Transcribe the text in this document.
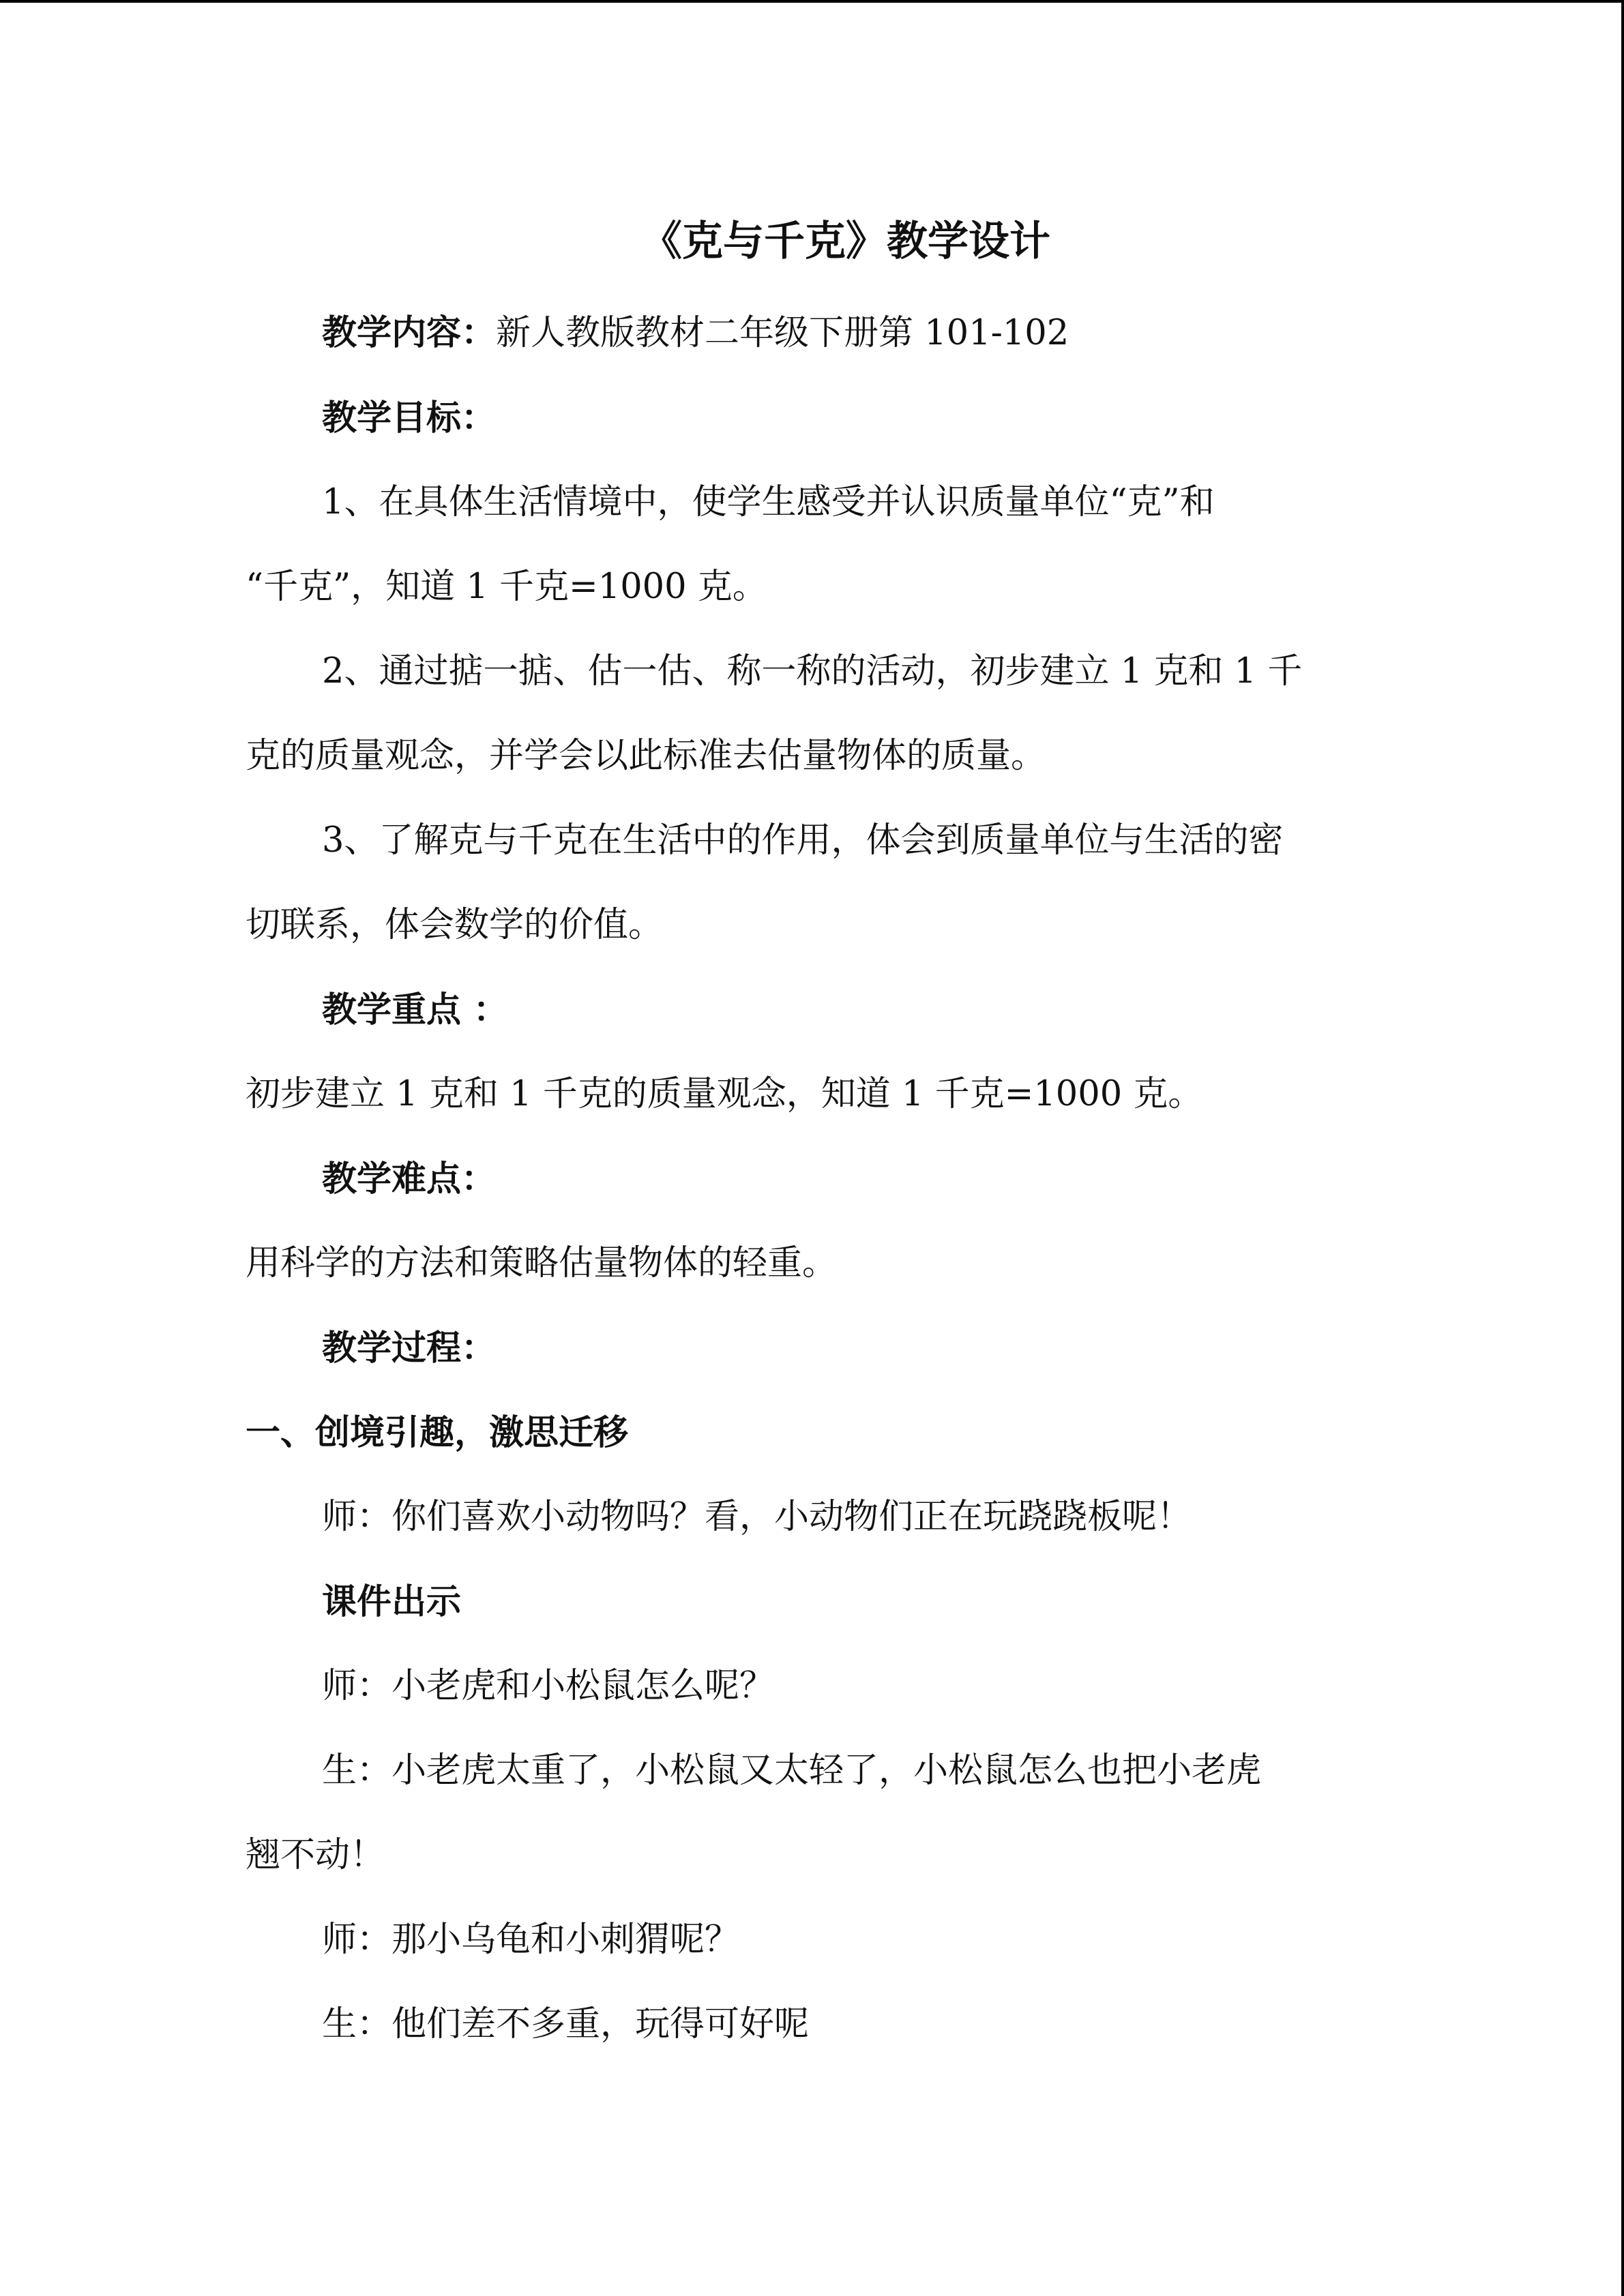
《克与千克》教学设计

教学内容：新人教版教材二年级下册第 101-102

教学目标：

1、在具体生活情境中，使学生感受并认识质量单位“克”和

“千克”，知道 1 千克=1000 克。

2、通过掂一掂、估一估、称一称的活动，初步建立 1 克和 1 千

克的质量观念，并学会以此标准去估量物体的质量。

3、了解克与千克在生活中的作用，体会到质量单位与生活的密

切联系，体会数学的价值。

教学重点 ：

初步建立 1 克和 1 千克的质量观念，知道 1 千克=1000 克。

教学难点：

用科学的方法和策略估量物体的轻重。

教学过程：

一、创境引趣，激思迁移

师：你们喜欢小动物吗？看，小动物们正在玩跷跷板呢！

课件出示

师：小老虎和小松鼠怎么呢？

生：小老虎太重了，小松鼠又太轻了，小松鼠怎么也把小老虎

翘不动！

师：那小乌龟和小刺猬呢？

生：他们差不多重，玩得可好呢
